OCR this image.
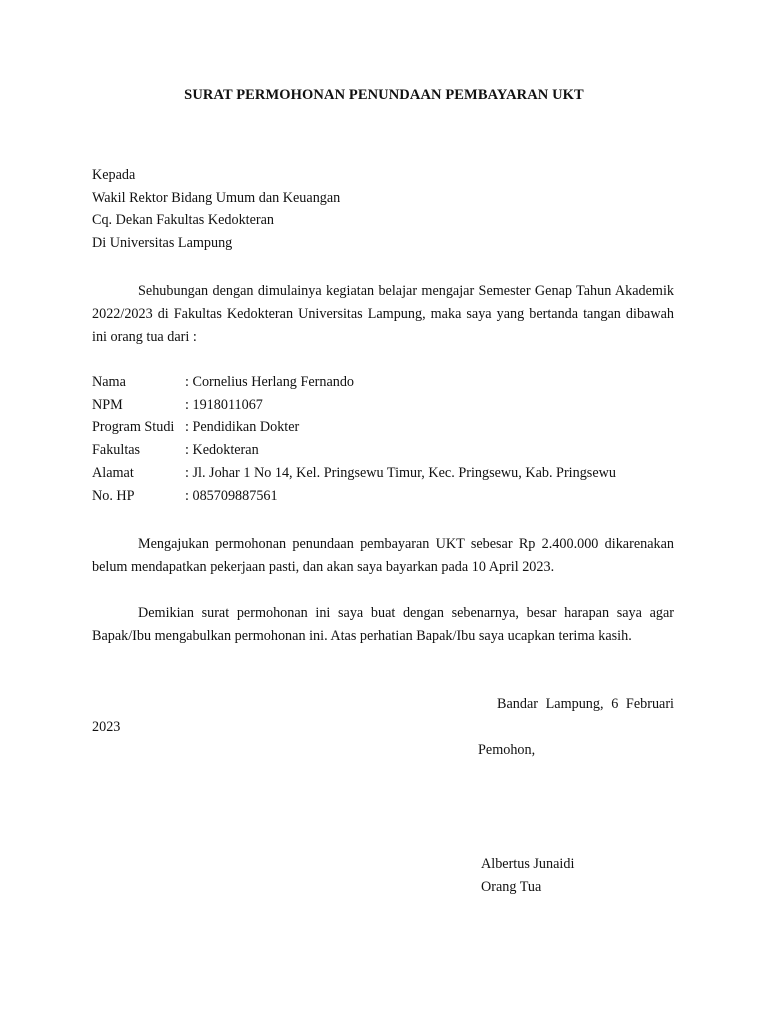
SURAT PERMOHONAN PENUNDAAN PEMBAYARAN UKT
Kepada
Wakil Rektor Bidang Umum dan Keuangan
Cq. Dekan Fakultas Kedokteran
Di Universitas Lampung
Sehubungan dengan dimulainya kegiatan belajar mengajar Semester Genap Tahun Akademik 2022/2023 di Fakultas Kedokteran Universitas Lampung, maka saya yang bertanda tangan dibawah ini orang tua dari :
Nama	: Cornelius Herlang Fernando
NPM	: 1918011067
Program Studi : Pendidikan Dokter
Fakultas	: Kedokteran
Alamat	: Jl. Johar 1 No 14, Kel. Pringsewu Timur, Kec. Pringsewu, Kab. Pringsewu
No. HP	: 085709887561
Mengajukan permohonan penundaan pembayaran UKT sebesar Rp 2.400.000 dikarenakan belum mendapatkan pekerjaan pasti, dan akan saya bayarkan pada 10 April 2023.
Demikian surat permohonan ini saya buat dengan sebenarnya, besar harapan saya agar Bapak/Ibu mengabulkan permohonan ini. Atas perhatian Bapak/Ibu saya ucapkan terima kasih.
Bandar Lampung, 6 Februari
2023
Pemohon,
Albertus Junaidi
Orang Tua
